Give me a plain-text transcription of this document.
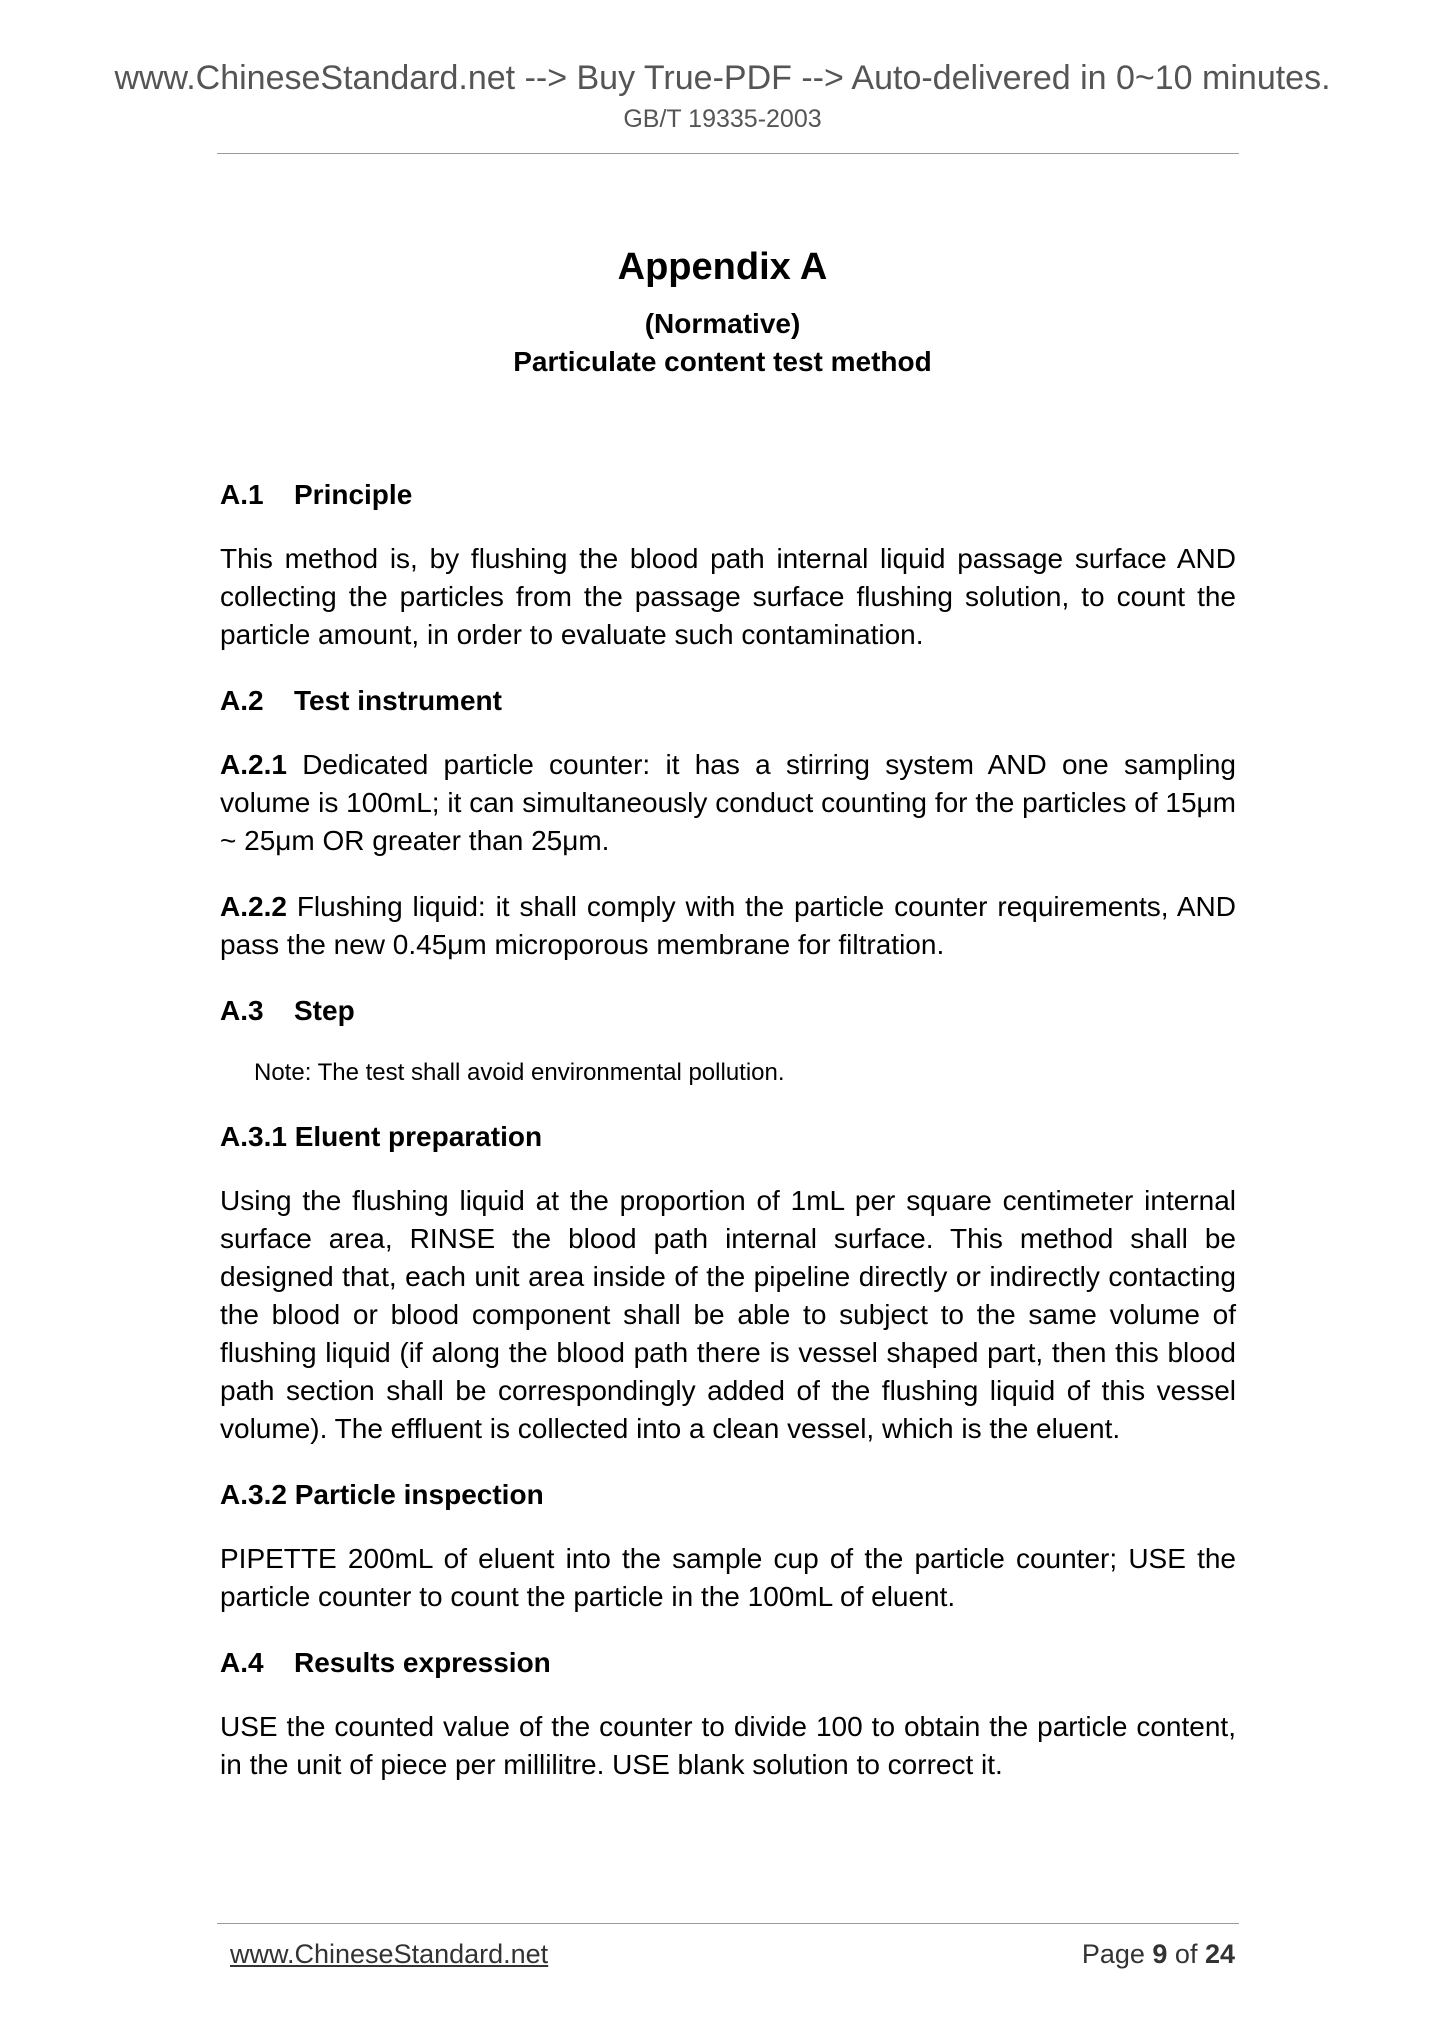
www.ChineseStandard.net --> Buy True-PDF --> Auto-delivered in 0~10 minutes.
GB/T 19335-2003
Appendix A
(Normative)
Particulate content test method

A.1 Principle

This method is, by flushing the blood path internal liquid passage surface AND collecting the particles from the passage surface flushing solution, to count the particle amount, in order to evaluate such contamination.

A.2 Test instrument

A.2.1 Dedicated particle counter: it has a stirring system AND one sampling volume is 100mL; it can simultaneously conduct counting for the particles of 15μm ~ 25μm OR greater than 25μm.

A.2.2 Flushing liquid: it shall comply with the particle counter requirements, AND pass the new 0.45μm microporous membrane for filtration.

A.3 Step

Note: The test shall avoid environmental pollution.

A.3.1 Eluent preparation

Using the flushing liquid at the proportion of 1mL per square centimeter internal surface area, RINSE the blood path internal surface. This method shall be designed that, each unit area inside of the pipeline directly or indirectly contacting the blood or blood component shall be able to subject to the same volume of flushing liquid (if along the blood path there is vessel shaped part, then this blood path section shall be correspondingly added of the flushing liquid of this vessel volume). The effluent is collected into a clean vessel, which is the eluent.

A.3.2 Particle inspection

PIPETTE 200mL of eluent into the sample cup of the particle counter; USE the particle counter to count the particle in the 100mL of eluent.

A.4 Results expression

USE the counted value of the counter to divide 100 to obtain the particle content, in the unit of piece per millilitre. USE blank solution to correct it.

www.ChineseStandard.net	Page 9 of 24
